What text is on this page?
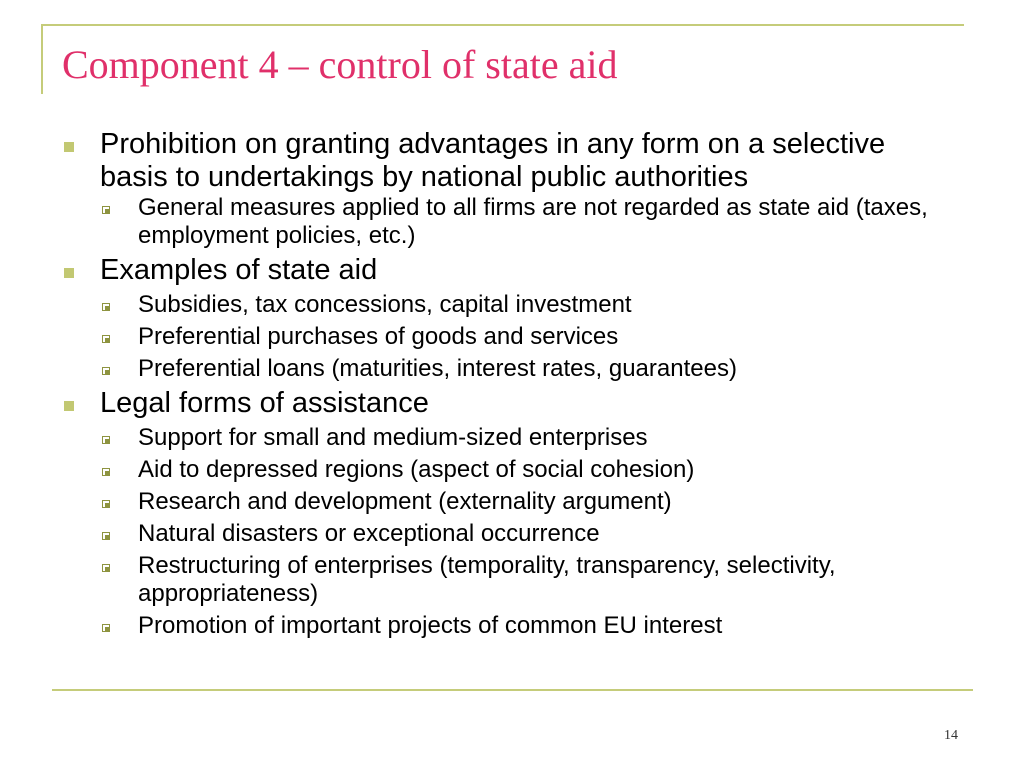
Component 4 – control of state aid
Prohibition on granting advantages in any form on a selective basis to undertakings by national public authorities
General measures applied to all firms are not regarded as state aid (taxes, employment policies, etc.)
Examples of state aid
Subsidies, tax concessions, capital investment
Preferential purchases of goods and services
Preferential loans (maturities, interest rates, guarantees)
Legal forms of assistance
Support for small and medium-sized enterprises
Aid to depressed regions (aspect of social cohesion)
Research and development (externality argument)
Natural disasters or exceptional occurrence
Restructuring of enterprises (temporality, transparency, selectivity, appropriateness)
Promotion of important projects of common EU interest
14
